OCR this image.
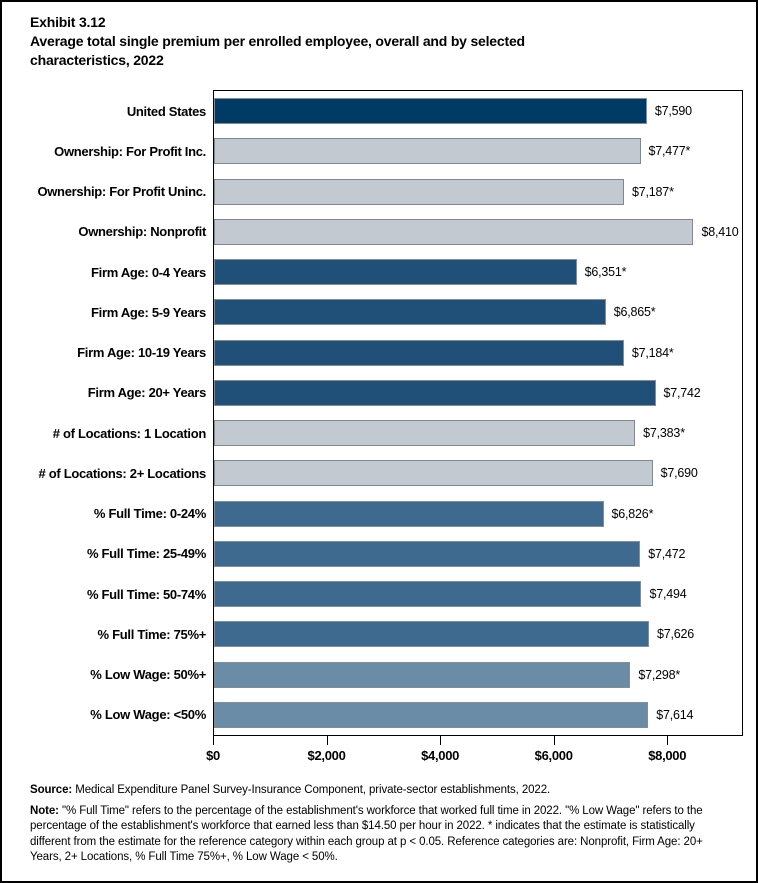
Exhibit 3.12
Average total single premium per enrolled employee, overall and by selected characteristics, 2022
United States	$7,590
Ownership: For Profit Inc.	$7,477*
Ownership: For Profit Uninc.	$7,187*
Ownership: Nonprofit	$8,410
Firm Age: 0-4 Years	$6,351*
Firm Age: 5-9 Years	$6,865*
Firm Age: 10-19 Years	$7,184*
Firm Age: 20+ Years	$7,742
# of Locations: 1 Location	$7,383*
# of Locations: 2+ Locations	$7,690
% Full Time: 0-24%	$6,826*
% Full Time: 25-49%	$7,472
% Full Time: 50-74%	$7,494
% Full Time: 75%+	$7,626
% Low Wage: 50%+	$7,298*
% Low Wage: <50%	$7,614
$0	$2,000	$4,000	$6,000	$8,000

Source: Medical Expenditure Panel Survey-Insurance Component, private-sector establishments, 2022.

Note: "% Full Time" refers to the percentage of the establishment's workforce that worked full time in 2022. "% Low Wage" refers to the percentage of the establishment's workforce that earned less than $14.50 per hour in 2022. * indicates that the estimate is statistically different from the estimate for the reference category within each group at p < 0.05. Reference categories are: Nonprofit, Firm Age: 20+ Years, 2+ Locations, % Full Time 75%+, % Low Wage < 50%.
